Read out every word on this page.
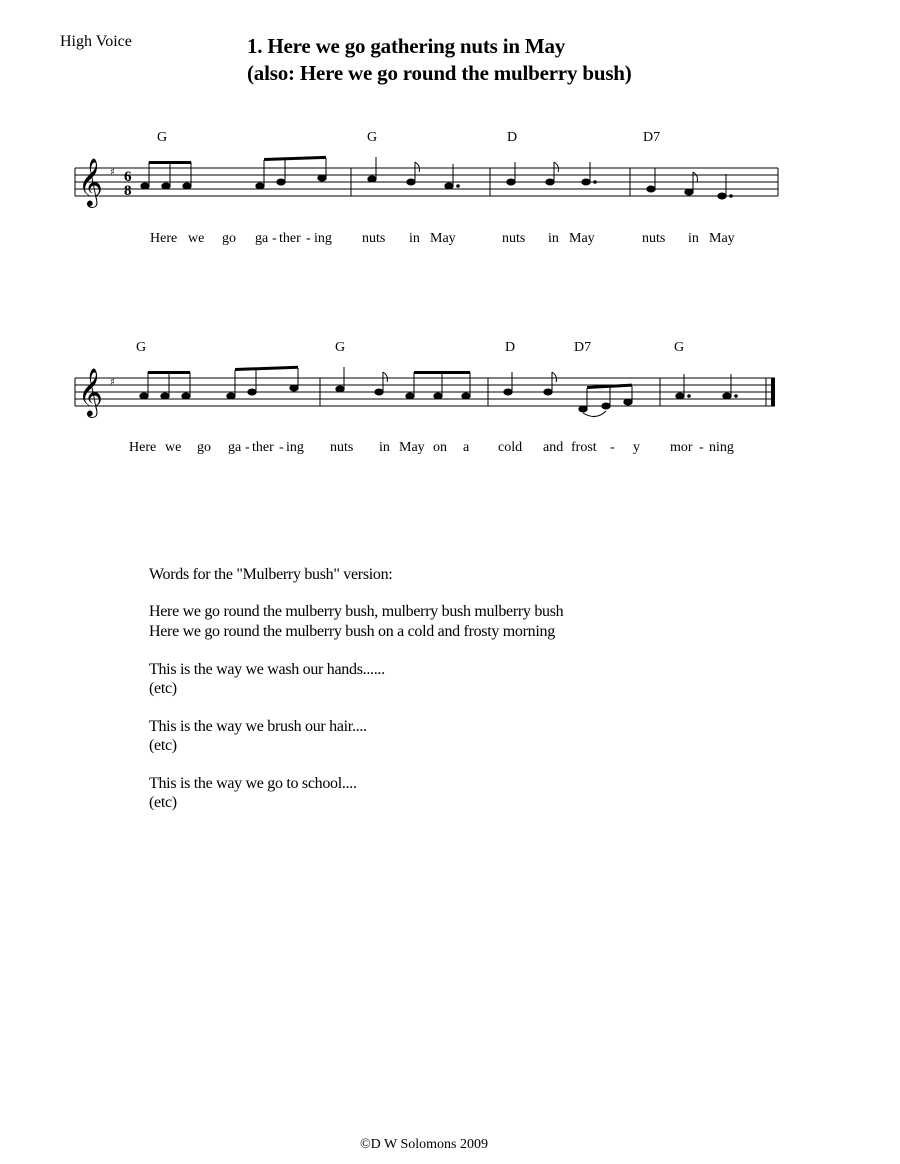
High Voice	1. Here we go gathering nuts in May
(also: Here we go round the mulberry bush)
G	G	D	D7
𝄞 ♯ 6
8
Here we go ga - ther - ing nuts in May	nuts in May	nuts in May
G	G	D	D7	G
𝄞 ♯
Here we go ga - ther - ing nuts in May on a cold and frost - y mor - ning
Words for the "Mulberry bush" version:
Here we go round the mulberry bush, mulberry bush mulberry bush
Here we go round the mulberry bush on a cold and frosty morning
This is the way we wash our hands......
(etc)
This is the way we brush our hair....
(etc)
This is the way we go to school....
(etc)
©D W Solomons 2009
